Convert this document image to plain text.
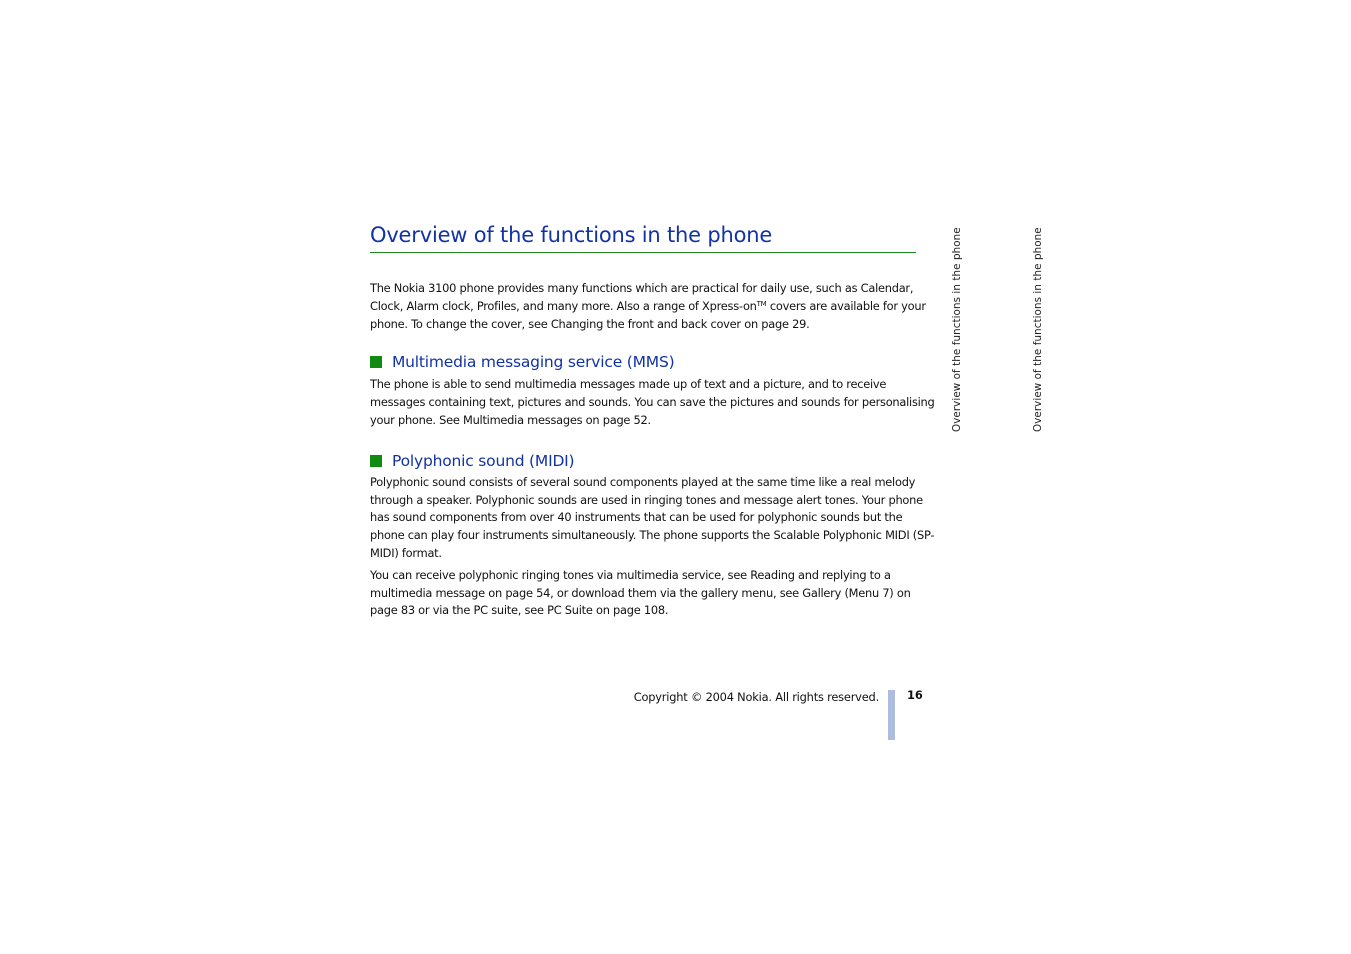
Overview of the functions in the phone

The Nokia 3100 phone provides many functions which are practical for daily use, such as Calendar, Clock, Alarm clock, Profiles, and many more. Also a range of Xpress-on™ covers are available for your phone. To change the cover, see Changing the front and back cover on page 29.

Multimedia messaging service (MMS)

The phone is able to send multimedia messages made up of text and a picture, and to receive messages containing text, pictures and sounds. You can save the pictures and sounds for personalising your phone. See Multimedia messages on page 52.

Polyphonic sound (MIDI)

Polyphonic sound consists of several sound components played at the same time like a real melody through a speaker. Polyphonic sounds are used in ringing tones and message alert tones. Your phone has sound components from over 40 instruments that can be used for polyphonic sounds but the phone can play four instruments simultaneously. The phone supports the Scalable Polyphonic MIDI (SP-MIDI) format.

You can receive polyphonic ringing tones via multimedia service, see Reading and replying to a multimedia message on page 54, or download them via the gallery menu, see Gallery (Menu 7) on page 83 or via the PC suite, see PC Suite on page 108.

Overview of the functions in the phone	Overview of the functions in the phone
Copyright © 2004 Nokia. All rights reserved. 16
